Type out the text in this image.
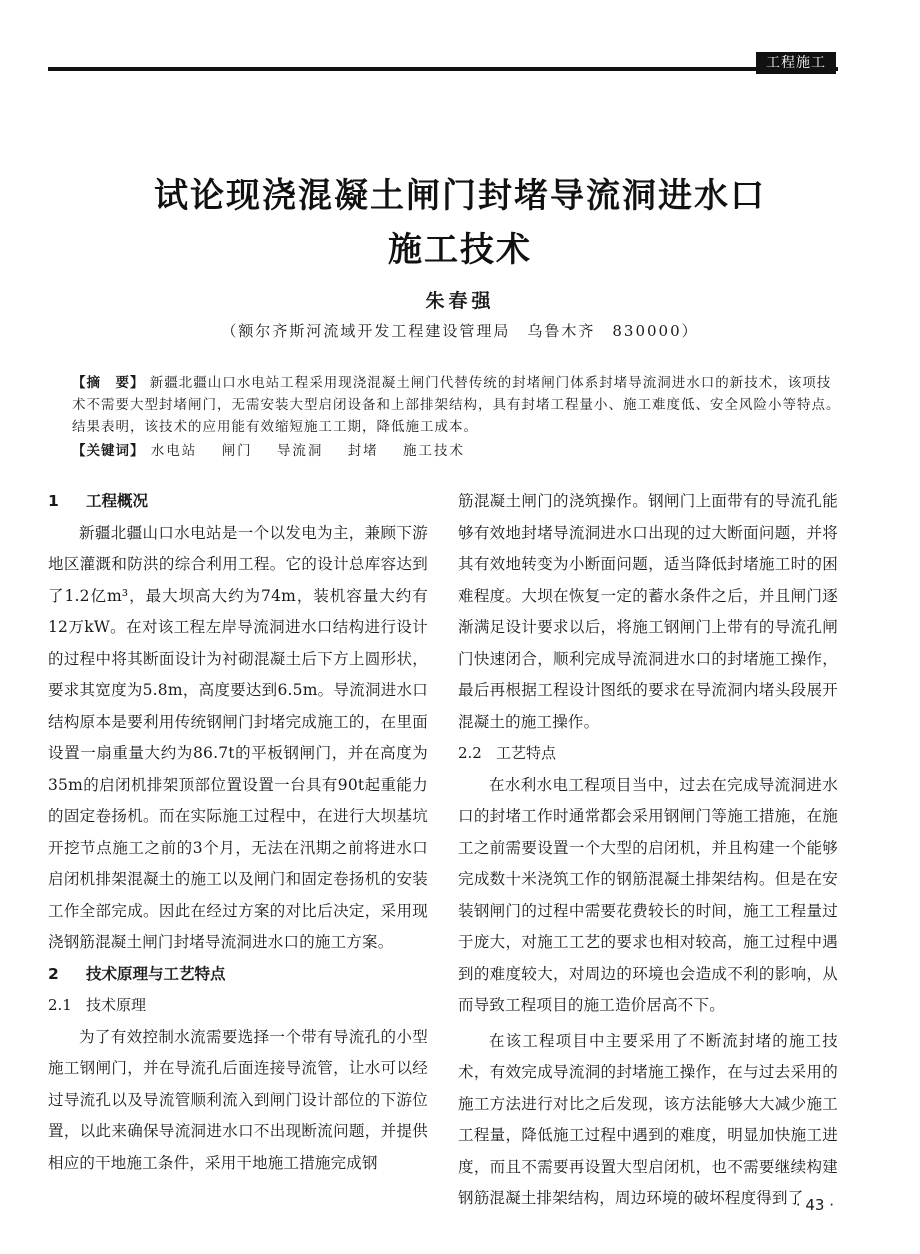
工程施工
试论现浇混凝土闸门封堵导流洞进水口
施工技术
朱春强
（额尔齐斯河流域开发工程建设管理局　乌鲁木齐　830000）
【摘　要】 新疆北疆山口水电站工程采用现浇混凝土闸门代替传统的封堵闸门体系封堵导流洞进水口的新技术，该项技术不需要大型封堵闸门，无需安装大型启闭设备和上部排架结构，具有封堵工程量小、施工难度低、安全风险小等特点。结果表明，该技术的应用能有效缩短施工工期，降低施工成本。
【关键词】 水电站 闸门 导流洞 封堵 施工技术
1 工程概况

新疆北疆山口水电站是一个以发电为主，兼顾下游地区灌溉和防洪的综合利用工程。它的设计总库容达到了1.2亿m³，最大坝高大约为74m，装机容量大约有12万kW。在对该工程左岸导流洞进水口结构进行设计的过程中将其断面设计为衬砌混凝土后下方上圆形状，要求其宽度为5.8m，高度要达到6.5m。导流洞进水口结构原本是要利用传统钢闸门封堵完成施工的，在里面设置一扇重量大约为86.7t的平板钢闸门，并在高度为35m的启闭机排架顶部位置设置一台具有90t起重能力的固定卷扬机。而在实际施工过程中，在进行大坝基坑开挖节点施工之前的3个月，无法在汛期之前将进水口启闭机排架混凝土的施工以及闸门和固定卷扬机的安装工作全部完成。因此在经过方案的对比后决定，采用现浇钢筋混凝土闸门封堵导流洞进水口的施工方案。

2 技术原理与工艺特点
2.1 技术原理

为了有效控制水流需要选择一个带有导流孔的小型施工钢闸门，并在导流孔后面连接导流管，让水可以经过导流孔以及导流管顺利流入到闸门设计部位的下游位置，以此来确保导流洞进水口不出现断流问题，并提供相应的干地施工条件，采用干地施工措施完成钢

筋混凝土闸门的浇筑操作。钢闸门上面带有的导流孔能够有效地封堵导流洞进水口出现的过大断面问题，并将其有效地转变为小断面问题，适当降低封堵施工时的困难程度。大坝在恢复一定的蓄水条件之后，并且闸门逐渐满足设计要求以后，将施工钢闸门上带有的导流孔闸门快速闭合，顺利完成导流洞进水口的封堵施工操作，最后再根据工程设计图纸的要求在导流洞内堵头段展开混凝土的施工操作。

2.2 工艺特点

在水利水电工程项目当中，过去在完成导流洞进水口的封堵工作时通常都会采用钢闸门等施工措施，在施工之前需要设置一个大型的启闭机，并且构建一个能够完成数十米浇筑工作的钢筋混凝土排架结构。但是在安装钢闸门的过程中需要花费较长的时间，施工工程量过于庞大，对施工工艺的要求也相对较高，施工过程中遇到的难度较大，对周边的环境也会造成不利的影响，从而导致工程项目的施工造价居高不下。

在该工程项目中主要采用了不断流封堵的施工技术，有效完成导流洞的封堵施工操作，在与过去采用的施工方法进行对比之后发现，该方法能够大大减少施工工程量，降低施工过程中遇到的难度，明显加快施工进度，而且不需要再设置大型启闭机，也不需要继续构建钢筋混凝土排架结构，周边环境的破坏程度得到了

· 43 ·
